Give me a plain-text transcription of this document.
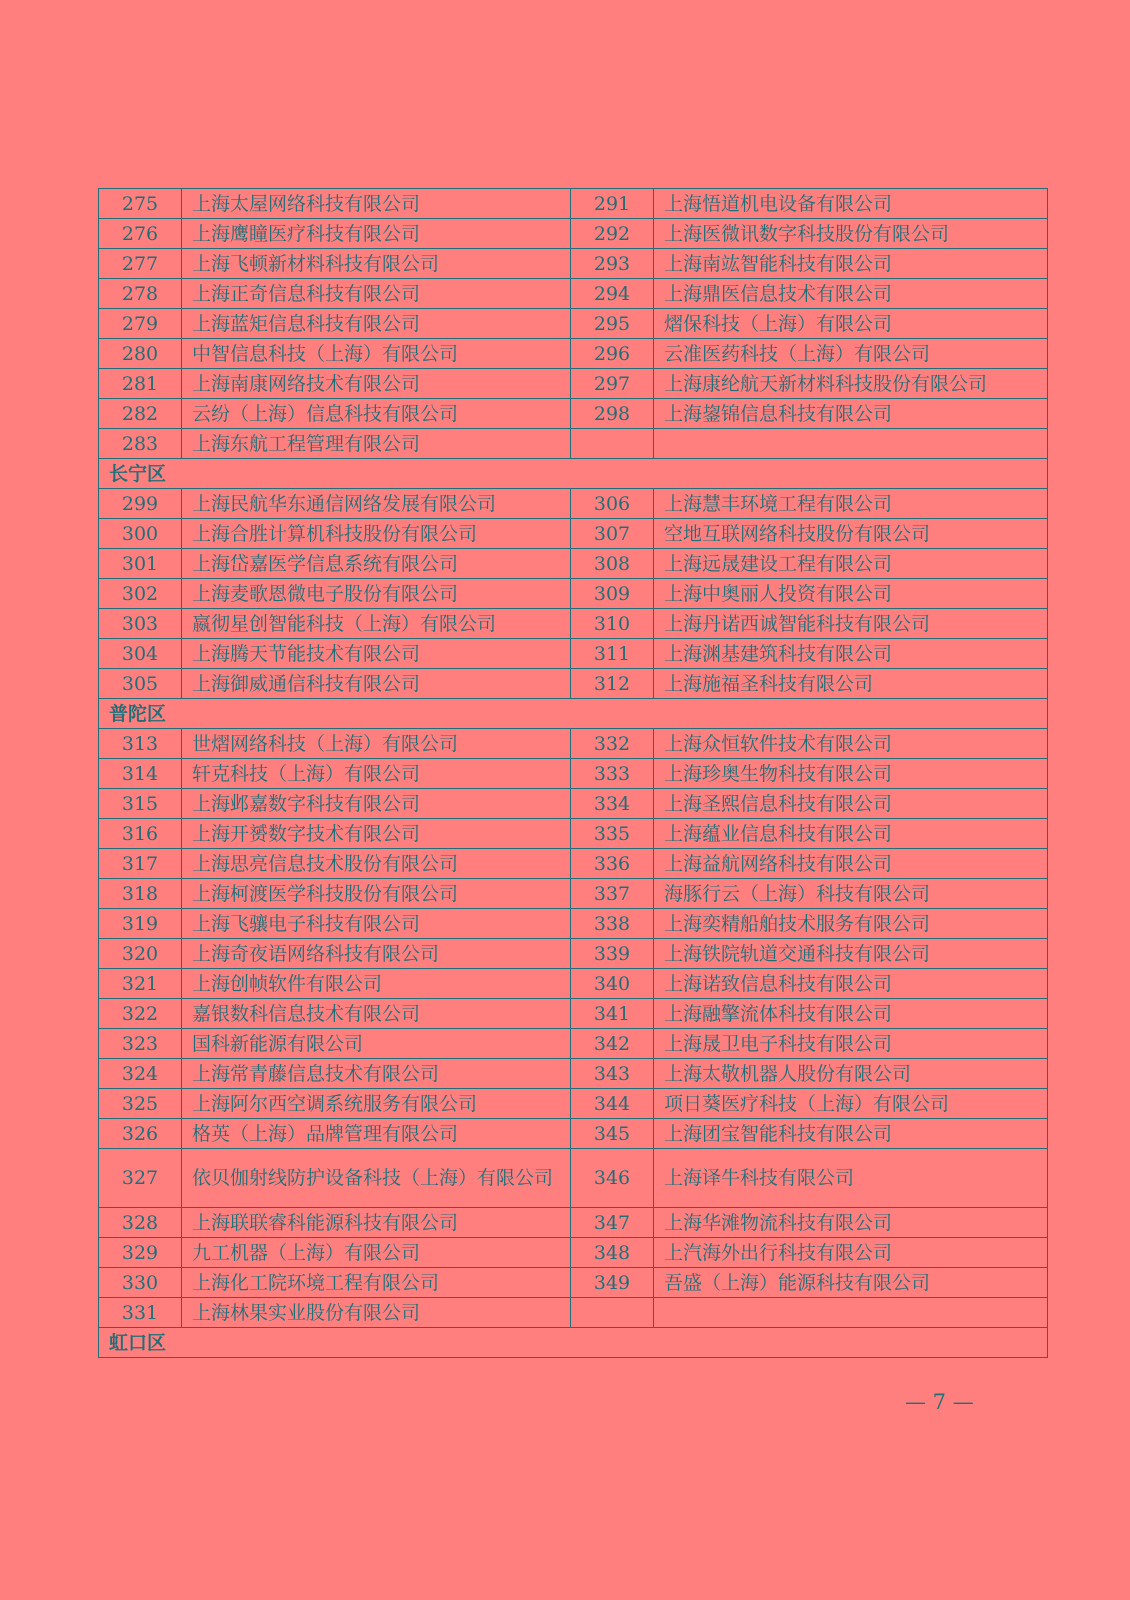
275	上海太屋网络科技有限公司	291	上海悟道机电设备有限公司
276	上海鹰瞳医疗科技有限公司	292	上海医微讯数字科技股份有限公司
277	上海飞顿新材料科技有限公司	293	上海南竑智能科技有限公司
278	上海正奇信息科技有限公司	294	上海鼎医信息技术有限公司
279	上海蓝矩信息科技有限公司	295	熠保科技（上海）有限公司
280	中智信息科技（上海）有限公司	296	云准医药科技（上海）有限公司
281	上海南康网络技术有限公司	297	上海康纶航天新材料科技股份有限公司
282	云纷（上海）信息科技有限公司	298	上海鋆锦信息科技有限公司
283	上海东航工程管理有限公司		
长宁区			
299	上海民航华东通信网络发展有限公司	306	上海慧丰环境工程有限公司
300	上海合胜计算机科技股份有限公司	307	空地互联网络科技股份有限公司
301	上海岱嘉医学信息系统有限公司	308	上海远晟建设工程有限公司
302	上海麦歌恩微电子股份有限公司	309	上海中奥丽人投资有限公司
303	嬴彻星创智能科技（上海）有限公司	310	上海丹诺西诚智能科技有限公司
304	上海腾天节能技术有限公司	311	上海渊基建筑科技有限公司
305	上海御威通信科技有限公司	312	上海施福圣科技有限公司
普陀区			
313	世熠网络科技（上海）有限公司	332	上海众恒软件技术有限公司
314	轩克科技（上海）有限公司	333	上海珍奥生物科技有限公司
315	上海邺嘉数字科技有限公司	334	上海圣熙信息科技有限公司
316	上海开赟数字技术有限公司	335	上海蕴业信息科技有限公司
317	上海思亮信息技术股份有限公司	336	上海益航网络科技有限公司
318	上海柯渡医学科技股份有限公司	337	海豚行云（上海）科技有限公司
319	上海飞骧电子科技有限公司	338	上海奕精船舶技术服务有限公司
320	上海奇夜语网络科技有限公司	339	上海铁院轨道交通科技有限公司
321	上海创帧软件有限公司	340	上海诺致信息科技有限公司
322	嘉银数科信息技术有限公司	341	上海融擎流体科技有限公司
323	国科新能源有限公司	342	上海晟卫电子科技有限公司
324	上海常青藤信息技术有限公司	343	上海太敬机器人股份有限公司
325	上海阿尔西空调系统服务有限公司	344	项日葵医疗科技（上海）有限公司
326	格英（上海）品牌管理有限公司	345	上海团宝智能科技有限公司
327	依贝伽射线防护设备科技（上海）有限公司	346	上海译牛科技有限公司
328	上海联联睿科能源科技有限公司	347	上海华滩物流科技有限公司
329	九工机器（上海）有限公司	348	上汽海外出行科技有限公司
330	上海化工院环境工程有限公司	349	吾盛（上海）能源科技有限公司
331	上海林果实业股份有限公司		
虹口区			
— 7 —
